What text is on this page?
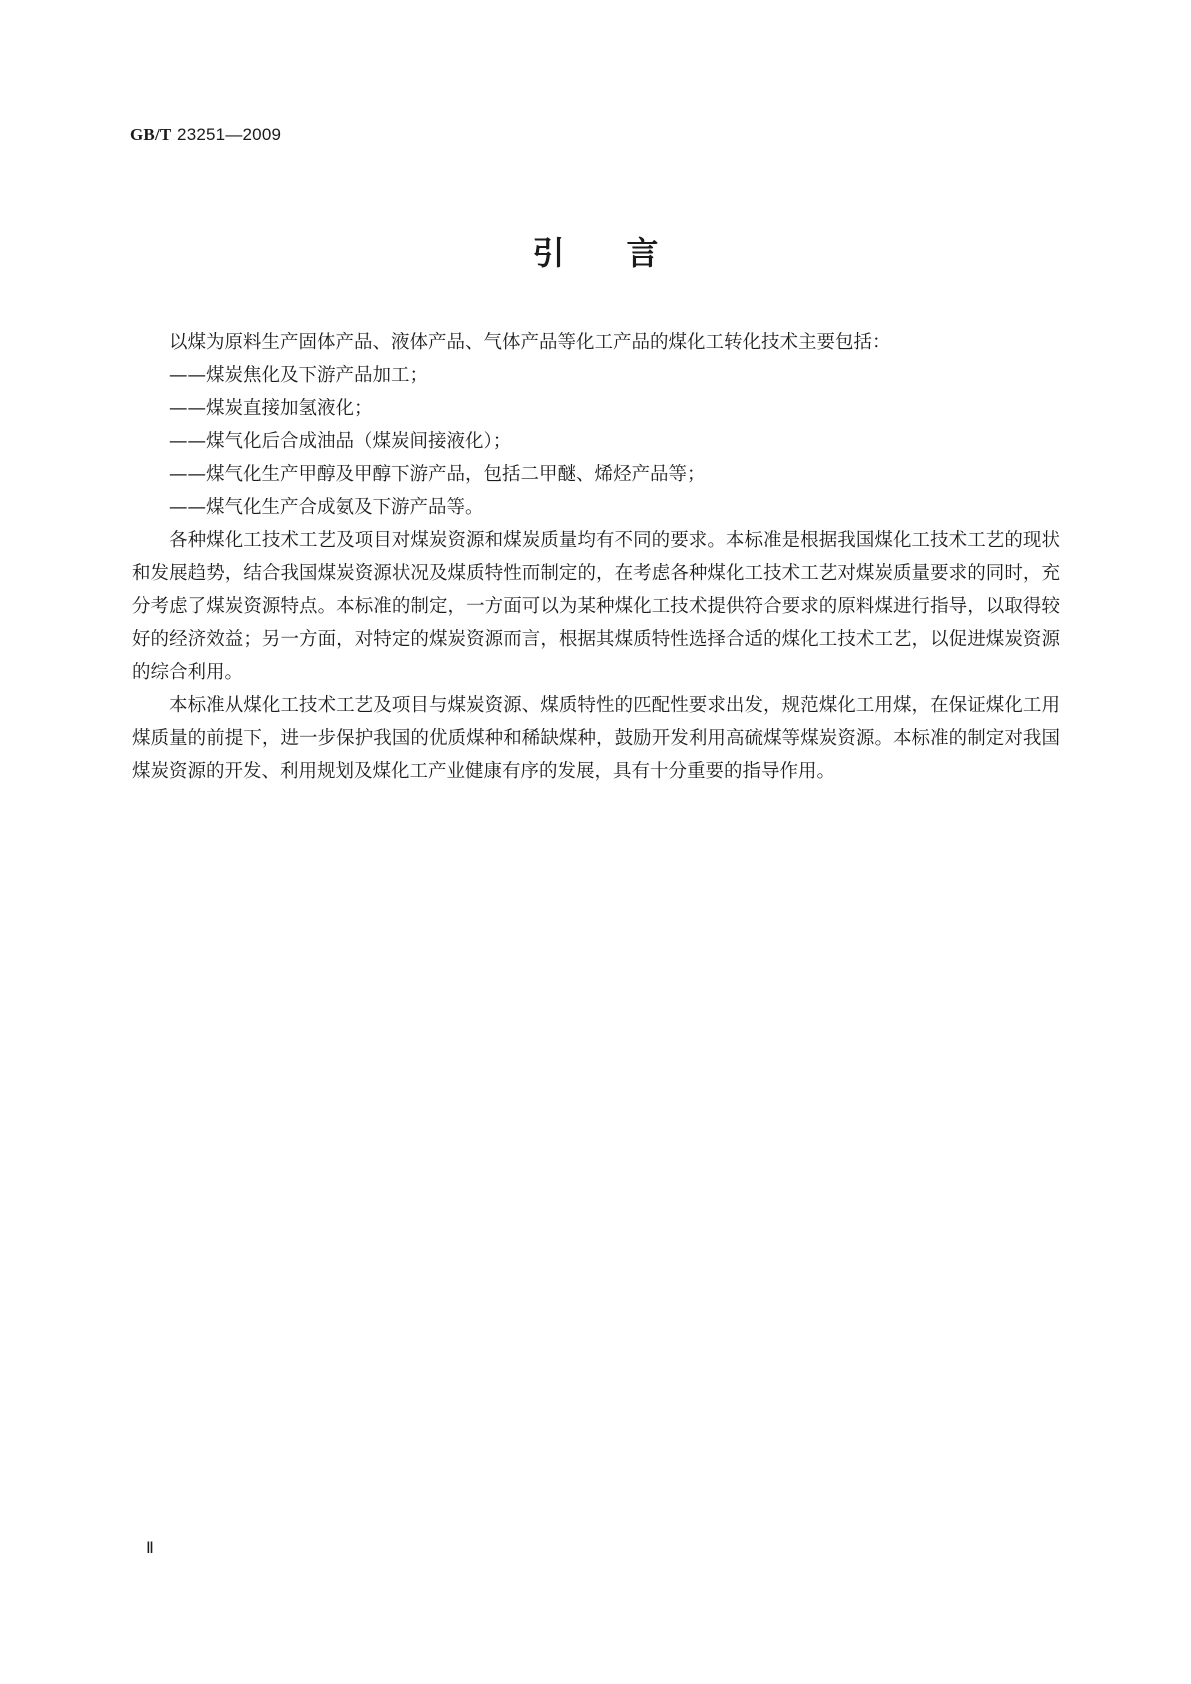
GB/T 23251—2009
引言

以煤为原料生产固体产品、液体产品、气体产品等化工产品的煤化工转化技术主要包括：

——煤炭焦化及下游产品加工；
——煤炭直接加氢液化；
——煤气化后合成油品（煤炭间接液化）；
——煤气化生产甲醇及甲醇下游产品，包括二甲醚、烯烃产品等；
——煤气化生产合成氨及下游产品等。

各种煤化工技术工艺及项目对煤炭资源和煤炭质量均有不同的要求。本标准是根据我国煤化工技术工艺的现状和发展趋势，结合我国煤炭资源状况及煤质特性而制定的，在考虑各种煤化工技术工艺对煤炭质量要求的同时，充分考虑了煤炭资源特点。本标准的制定，一方面可以为某种煤化工技术提供符合要求的原料煤进行指导，以取得较好的经济效益；另一方面，对特定的煤炭资源而言，根据其煤质特性选择合适的煤化工技术工艺，以促进煤炭资源的综合利用。

本标准从煤化工技术工艺及项目与煤炭资源、煤质特性的匹配性要求出发，规范煤化工用煤，在保证煤化工用煤质量的前提下，进一步保护我国的优质煤种和稀缺煤种，鼓励开发利用高硫煤等煤炭资源。本标准的制定对我国煤炭资源的开发、利用规划及煤化工产业健康有序的发展，具有十分重要的指导作用。

Ⅱ
